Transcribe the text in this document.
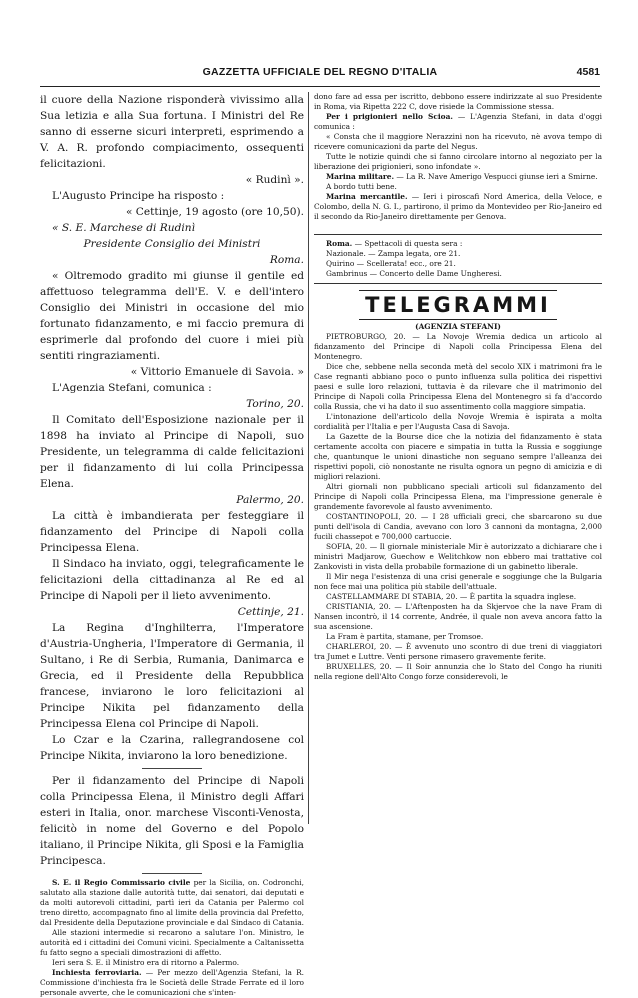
GAZZETTA UFFICIALE DEL REGNO D'ITALIA	4581

il cuore della Nazione risponderà vivissimo alla Sua letizia e alla Sua fortuna. I Ministri del Re sanno di esserne sicuri interpreti, esprimendo a V. A. R. profondo compiacimento, ossequenti felicitazioni.

« Rudinì ».

L'Augusto Principe ha risposto :

« Cettinje, 19 agosto (ore 10,50).

« S. E. Marchese di Rudinì

Presidente Consiglio dei Ministri

Roma.

« Oltremodo gradito mi giunse il gentile ed affettuoso telegramma dell'E. V. e dell'intero Consiglio dei Ministri in occasione del mio fortunato fidanzamento, e mi faccio premura di esprimerle dal profondo del cuore i miei più sentiti ringraziamenti.

« Vittorio Emanuele di Savoia. »

L'Agenzia Stefani, comunica :

Torino, 20.

Il Comitato dell'Esposizione nazionale per il 1898 ha inviato al Principe di Napoli, suo Presidente, un telegramma di calde felicitazioni per il fidanzamento di lui colla Principessa Elena.

Palermo, 20.

La città è imbandierata per festeggiare il fidanzamento del Principe di Napoli colla Principessa Elena.

Il Sindaco ha inviato, oggi, telegraficamente le felicitazioni della cittadinanza al Re ed al Principe di Napoli per il lieto avvenimento.

Cettinje, 21.

La Regina d'Inghilterra, l'Imperatore d'Austria-Ungheria, l'Imperatore di Germania, il Sultano, i Re di Serbia, Rumania, Danimarca e Grecia, ed il Presidente della Repubblica francese, inviarono le loro felicitazioni al Principe Nikita pel fidanzamento della Principessa Elena col Principe di Napoli.

Lo Czar e la Czarina, rallegrandosene col Principe Nikita, inviarono la loro benedizione.

Per il fidanzamento del Principe di Napoli colla Principessa Elena, il Ministro degli Affari esteri in Italia, onor. marchese Visconti-Venosta, felicitò in nome del Governo e del Popolo italiano, il Principe Nikita, gli Sposi e la Famiglia Principesca.

S. E. il Regio Commissario civile per la Sicilia, on. Codronchi, salutato alla stazione dalle autorità tutte, dai senatori, dai deputati e da molti autorevoli cittadini, partì ieri da Catania per Palermo col treno diretto, accompagnato fino al limite della provincia dal Prefetto, dal Presidente della Deputazione provinciale e dal Sindaco di Catania.

Alle stazioni intermedie si recarono a salutare l'on. Ministro, le autorità ed i cittadini dei Comuni vicini. Specialmente a Caltanissetta fu fatto segno a speciali dimostrazioni di affetto.

Ieri sera S. E. il Ministro era di ritorno a Palermo.

Inchiesta ferroviaria. — Per mezzo dell'Agenzia Stefani, la R. Commissione d'inchiesta fra le Società delle Strade Ferrate ed il loro personale avverte, che le comunicazioni che s'inten-

dono fare ad essa per iscritto, debbono essere indirizzate al suo Presidente in Roma, via Ripetta 222 C, dove risiede la Commissione stessa.

Per i prigionieri nello Scioa. — L'Agenzia Stefani, in data d'oggi comunica :

« Consta che il maggiore Nerazzini non ha ricevuto, nè avova tempo di ricevere comunicazioni da parte del Negus.

Tutte le notizie quindi che si fanno circolare intorno al negoziato per la liberazione dei prigionieri, sono infondate ».

Marina militare. — La R. Nave Amerigo Vespucci giunse ieri a Smirne.

A bordo tutti bene.

Marina mercantile. — Ieri i piroscafi Nord America, della Veloce, e Colombo, della N. G. I., partirono, il primo da Montevideo per Rio-Janeiro ed il secondo da Rio-Janeiro direttamente per Genova.

Roma. — Spettacoli di questa sera :

Nazionale. — Zampa legata, ore 21.

Quirino — Scellerata! ecc., ore 21.

Gambrinus — Concerto delle Dame Ungheresi.

TELEGRAMMI

(AGENZIA STEFANI)

PIETROBURGO, 20. — La Novoje Wremia dedica un articolo al fidanzamento del Principe di Napoli colla Principessa Elena del Montenegro.

Dice che, sebbene nella seconda metà del secolo XIX i matrimoni fra le Case regnanti abbiano poco o punto influenza sulla politica dei rispettivi paesi e sulle loro relazioni, tuttavia è da rilevare che il matrimonio del Principe di Napoli colla Principessa Elena del Montenegro si fa d'accordo colla Russia, che vi ha dato il suo assentimento colla maggiore simpatia.

L'intonazione dell'articolo della Novoje Wremia è ispirata a molta cordialità per l'Italia e per l'Augusta Casa di Savoja.

La Gazette de la Bourse dice che la notizia del fidanzamento è stata certamente accolta con piacere e simpatia in tutta la Russia e soggiunge che, quantunque le unioni dinastiche non seguano sempre l'alleanza dei rispettivi popoli, ciò nonostante ne risulta ognora un pegno di amicizia e di migliori relazioni.

Altri giornali non pubblicano speciali articoli sul fidanzamento del Principe di Napoli colla Principessa Elena, ma l'impressione generale è grandemente favorevole al fausto avvenimento.

COSTANTINOPOLI, 20. — I 28 ufficiali greci, che sbarcarono su due punti dell'isola di Candia, avevano con loro 3 cannoni da montagna, 2,000 fucili chassepot e 700,000 cartuccie.

SOFIA, 20. — Il giornale ministeriale Mir è autorizzato a dichiarare che i ministri Madjarow, Guechow e Welitchkow non ebbero mai trattative col Zankovisti in vista della probabile formazione di un gabinetto liberale.

Il Mir nega l'esistenza di una crisi generale e soggiunge che la Bulgaria non fece mai una politica più stabile dell'attuale.

CASTELLAMMARE DI STABIA, 20. — È partita la squadra inglese.

CRISTIANIA, 20. — L'Aftenposten ha da Skjervoe che la nave Fram di Nansen incontrò, il 14 corrente, Andrée, il quale non aveva ancora fatto la sua ascensione.

La Fram è partita, stamane, per Tromsoe.

CHARLEROI, 20. — È avvenuto uno scontro di due treni di viaggiatori tra Jumet e Luttre. Venti persone rimasero gravemente ferite.

BRUXELLES, 20. — Il Soir annunzia che lo Stato del Congo ha riuniti nella regione dell'Alto Congo forze considerevoli, le
